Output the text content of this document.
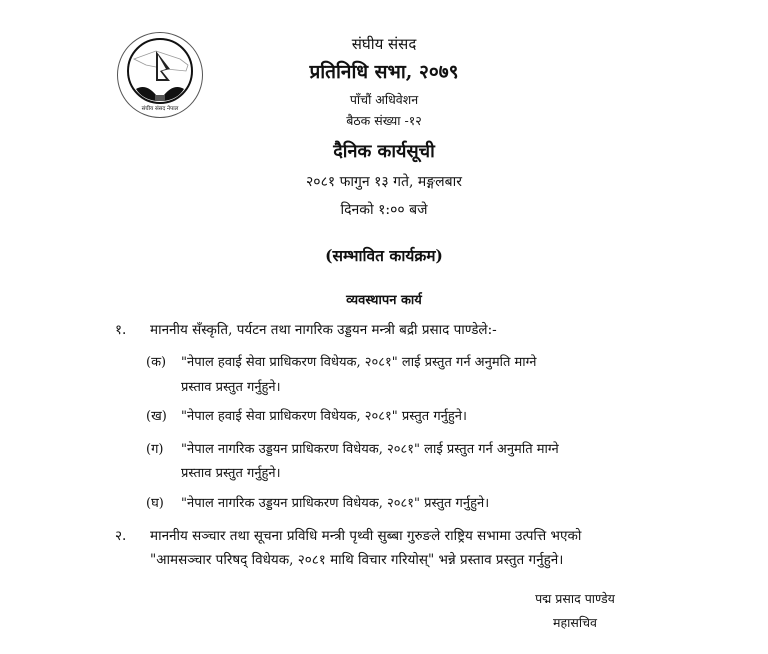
संघीय संसद नेपाल
संघीय संसद
प्रतिनिधि सभा, २०७९
पाँचौं अधिवेशन
बैठक संख्या -१२
दैनिक कार्यसूची
२०८१ फागुन १३ गते, मङ्गलबार
दिनको १:०० बजे
(सम्भावित कार्यक्रम)
व्यवस्थापन कार्य
१. माननीय सँस्कृति, पर्यटन तथा नागरिक उड्डयन मन्त्री बद्री प्रसाद पाण्डेले:-
(क) "नेपाल हवाई सेवा प्राधिकरण विधेयक, २०८१" लाई प्रस्तुत गर्न अनुमति माग्ने
प्रस्ताव प्रस्तुत गर्नुहुने।
(ख) "नेपाल हवाई सेवा प्राधिकरण विधेयक, २०८१" प्रस्तुत गर्नुहुने।
(ग) "नेपाल नागरिक उड्डयन प्राधिकरण विधेयक, २०८१" लाई प्रस्तुत गर्न अनुमति माग्ने
प्रस्ताव प्रस्तुत गर्नुहुने।
(घ) "नेपाल नागरिक उड्डयन प्राधिकरण विधेयक, २०८१" प्रस्तुत गर्नुहुने।
२. माननीय सञ्चार तथा सूचना प्रविधि मन्त्री पृथ्वी सुब्बा गुरुङले राष्ट्रिय सभामा उत्पत्ति भएको
"आमसञ्चार परिषद् विधेयक, २०८१ माथि विचार गरियोस्" भन्ने प्रस्ताव प्रस्तुत गर्नुहुने।
पद्म प्रसाद पाण्डेय
महासचिव
